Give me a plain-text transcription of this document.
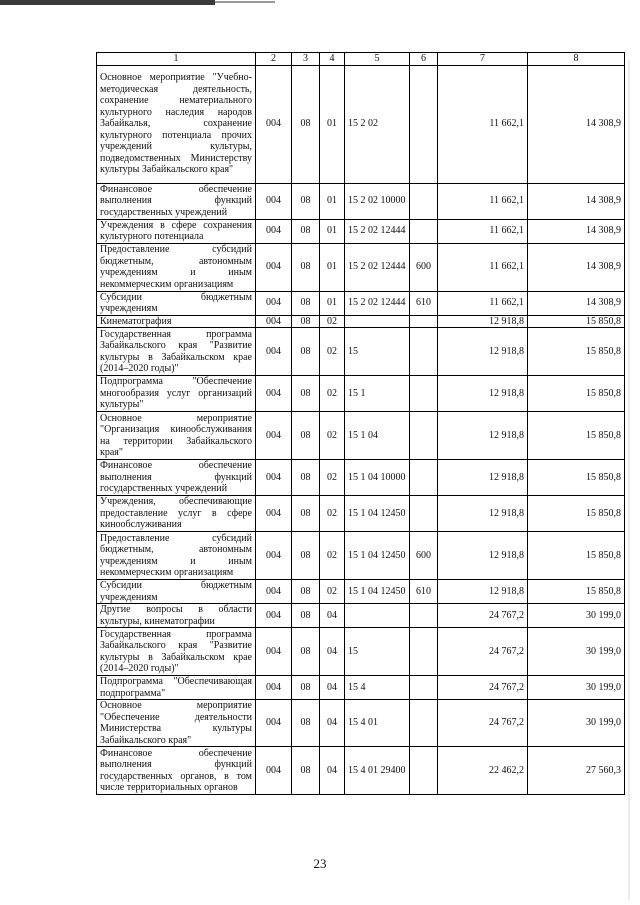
1	2	3	4	5	6	7	8
Основное мероприятие "Учебно-методическая деятельность, сохранение нематериального культурного наследия народов Забайкалья, сохранение культурного потенциала прочих учреждений культуры, подведомственных Министерству культуры Забайкальского края"	004	08	01	15 2 02		11 662,1	14 308,9
Финансовое обеспечение выполнения функций государственных учреждений	004	08	01	15 2 02 10000		11 662,1	14 308,9
Учреждения в сфере сохранения культурного потенциала	004	08	01	15 2 02 12444		11 662,1	14 308,9
Предоставление субсидий бюджетным, автономным учреждениям и иным некоммерческим организациям	004	08	01	15 2 02 12444	600	11 662,1	14 308,9
Субсидии бюджетным учреждениям	004	08	01	15 2 02 12444	610	11 662,1	14 308,9
Кинематография	004	08	02			12 918,8	15 850,8
Государственная программа Забайкальского края "Развитие культуры в Забайкальском крае (2014–2020 годы)"	004	08	02	15		12 918,8	15 850,8
Подпрограмма "Обеспечение многообразия услуг организаций культуры"	004	08	02	15 1		12 918,8	15 850,8
Основное мероприятие "Организация кинообслуживания на территории Забайкальского края"	004	08	02	15 1 04		12 918,8	15 850,8
Финансовое обеспечение выполнения функций государственных учреждений	004	08	02	15 1 04 10000		12 918,8	15 850,8
Учреждения, обеспечивающие предоставление услуг в сфере кинообслуживания	004	08	02	15 1 04 12450		12 918,8	15 850,8
Предоставление субсидий бюджетным, автономным учреждениям и иным некоммерческим организациям	004	08	02	15 1 04 12450	600	12 918,8	15 850,8
Субсидии бюджетным учреждениям	004	08	02	15 1 04 12450	610	12 918,8	15 850,8
Другие вопросы в области культуры, кинематографии	004	08	04			24 767,2	30 199,0
Государственная программа Забайкальского края "Развитие культуры в Забайкальском крае (2014–2020 годы)"	004	08	04	15		24 767,2	30 199,0
Подпрограмма "Обеспечивающая подпрограмма"	004	08	04	15 4		24 767,2	30 199,0
Основное мероприятие "Обеспечение деятельности Министерства культуры Забайкальского края"	004	08	04	15 4 01		24 767,2	30 199,0
Финансовое обеспечение выполнения функций государственных органов, в том числе территориальных органов	004	08	04	15 4 01 29400		22 462,2	27 560,3
23
